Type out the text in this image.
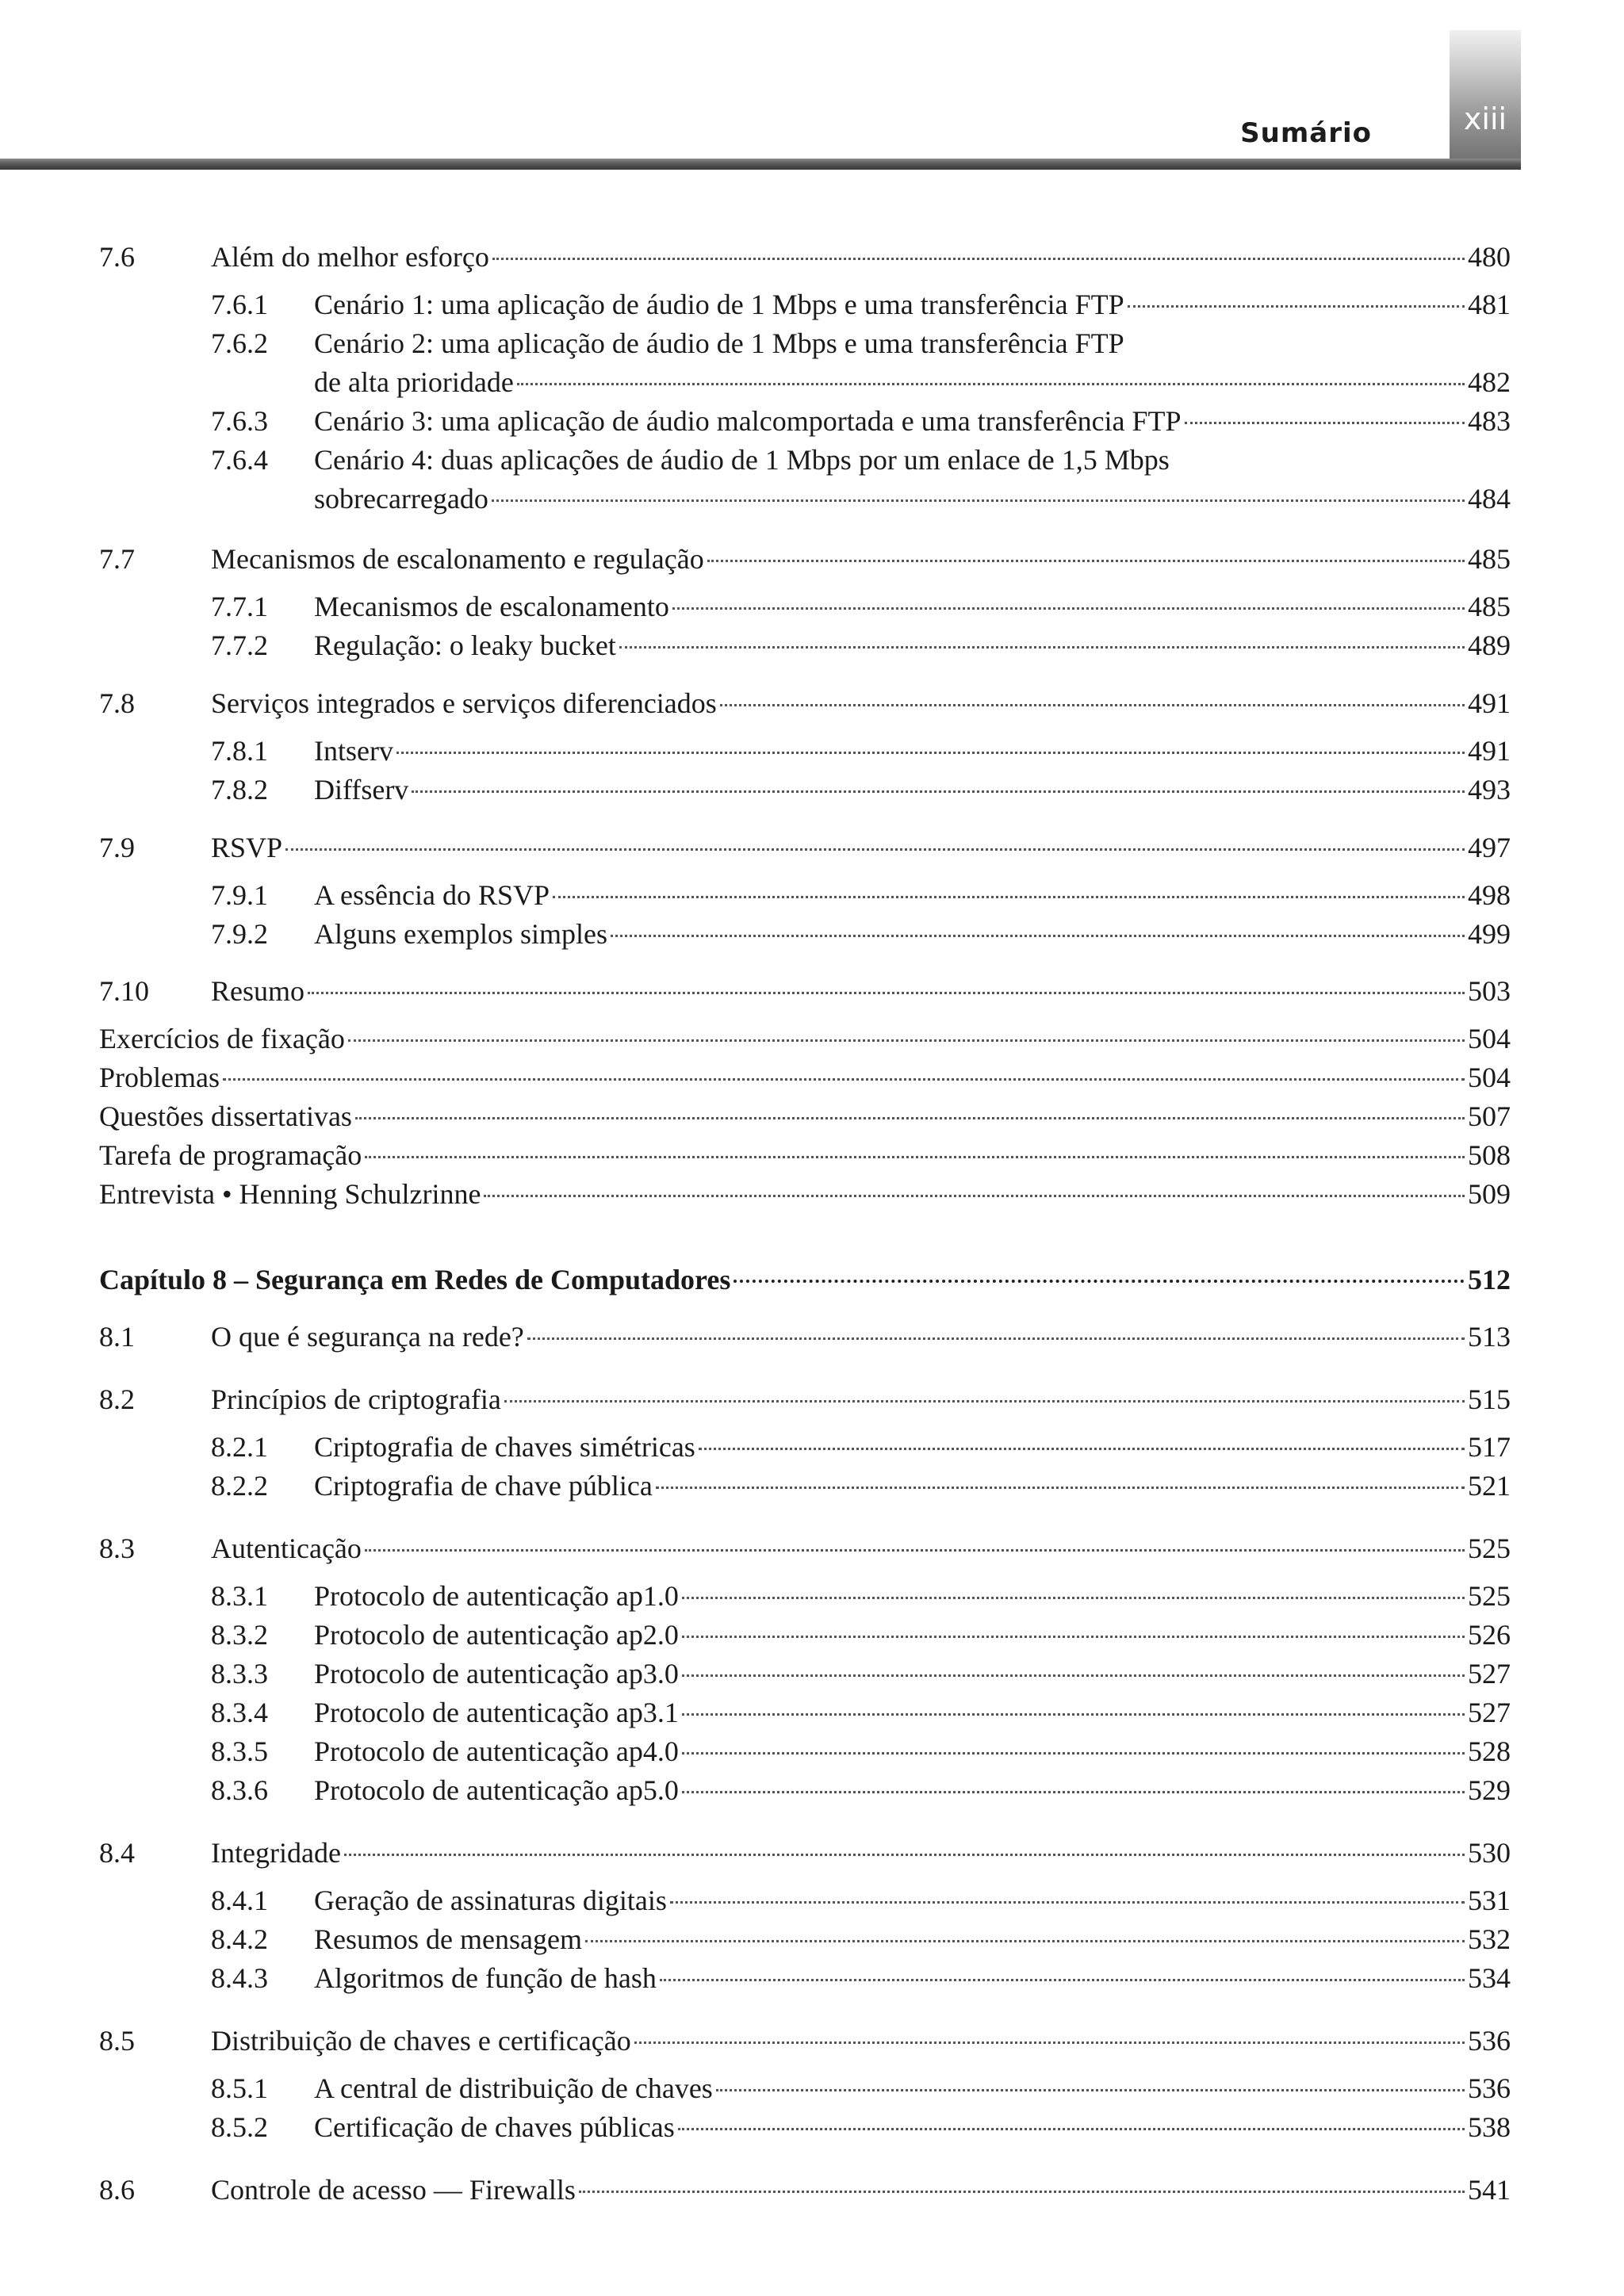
xiii
Sumário
7.6	Além do melhor esforço	480
7.6.1 Cenário 1: uma aplicação de áudio de 1 Mbps e uma transferência FTP	481
7.6.2 Cenário 2: uma aplicação de áudio de 1 Mbps e uma transferência FTP
de alta prioridade	482
7.6.3 Cenário 3: uma aplicação de áudio malcomportada e uma transferência FTP	483
7.6.4 Cenário 4: duas aplicações de áudio de 1 Mbps por um enlace de 1,5 Mbps
sobrecarregado	484
7.7	Mecanismos de escalonamento e regulação	485
7.7.1 Mecanismos de escalonamento	485
7.7.2 Regulação: o leaky bucket	489
7.8	Serviços integrados e serviços diferenciados	491
7.8.1 Intserv	491
7.8.2 Diffserv	493
7.9	RSVP	497
7.9.1 A essência do RSVP	498
7.9.2 Alguns exemplos simples	499
7.10 Resumo	503
Exercícios de fixação	504
Problemas	504
Questões dissertativas	507
Tarefa de programação	508
Entrevista • Henning Schulzrinne	509
Capítulo 8 – Segurança em Redes de Computadores	512
8.1	O que é segurança na rede?	513
8.2	Princípios de criptografia	515
8.2.1 Criptografia de chaves simétricas	517
8.2.2 Criptografia de chave pública	521
8.3	Autenticação	525
8.3.1 Protocolo de autenticação ap1.0	525
8.3.2 Protocolo de autenticação ap2.0	526
8.3.3 Protocolo de autenticação ap3.0	527
8.3.4 Protocolo de autenticação ap3.1	527
8.3.5 Protocolo de autenticação ap4.0	528
8.3.6 Protocolo de autenticação ap5.0	529
8.4	Integridade	530
8.4.1 Geração de assinaturas digitais	531
8.4.2 Resumos de mensagem	532
8.4.3 Algoritmos de função de hash	534
8.5	Distribuição de chaves e certificação	536
8.5.1 A central de distribuição de chaves	536
8.5.2 Certificação de chaves públicas	538
8.6	Controle de acesso — Firewalls	541
